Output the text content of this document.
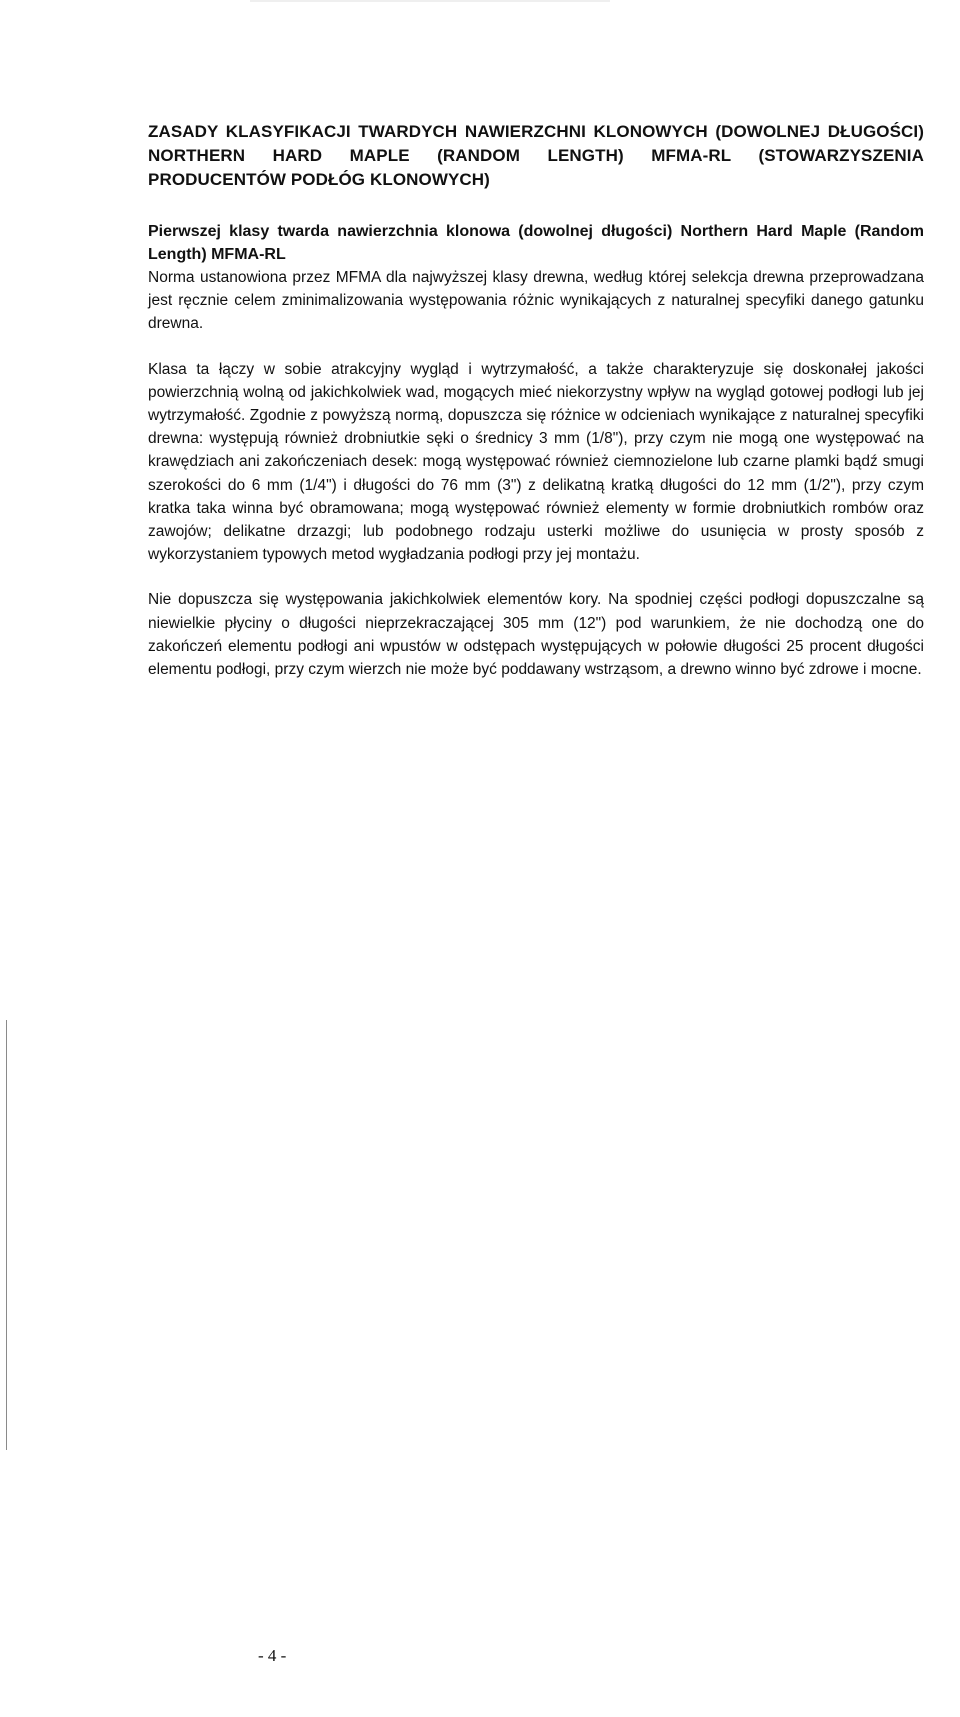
ZASADY KLASYFIKACJI TWARDYCH NAWIERZCHNI KLONOWYCH (DOWOLNEJ DŁUGOŚCI) NORTHERN HARD MAPLE (RANDOM LENGTH) MFMA-RL (STOWARZYSZENIA PRODUCENTÓW PODŁÓG KLONOWYCH)
Pierwszej klasy twarda nawierzchnia klonowa (dowolnej długości) Northern Hard Maple (Random Length) MFMA-RL

Norma ustanowiona przez MFMA dla najwyższej klasy drewna, według której selekcja drewna przeprowadzana jest ręcznie celem zminimalizowania występowania różnic wynikających z naturalnej specyfiki danego gatunku drewna.

Klasa ta łączy w sobie atrakcyjny wygląd i wytrzymałość, a także charakteryzuje się doskonałej jakości powierzchnią wolną od jakichkolwiek wad, mogących mieć niekorzystny wpływ na wygląd gotowej podłogi lub jej wytrzymałość. Zgodnie z powyższą normą, dopuszcza się różnice w odcieniach wynikające z naturalnej specyfiki drewna: występują również drobniutkie sęki o średnicy 3 mm (1/8"), przy czym nie mogą one występować na krawędziach ani zakończeniach desek: mogą występować również ciemnozielone lub czarne plamki bądź smugi szerokości do 6 mm (1/4") i długości do 76 mm (3") z delikatną kratką długości do 12 mm (1/2"), przy czym kratka taka winna być obramowana; mogą występować również elementy w formie drobniutkich rombów oraz zawojów; delikatne drzazgi; lub podobnego rodzaju usterki możliwe do usunięcia w prosty sposób z wykorzystaniem typowych metod wygładzania podłogi przy jej montażu.

Nie dopuszcza się występowania jakichkolwiek elementów kory. Na spodniej części podłogi dopuszczalne są niewielkie płyciny o długości nieprzekraczającej 305 mm (12") pod warunkiem, że nie dochodzą one do zakończeń elementu podłogi ani wpustów w odstępach występujących w połowie długości 25 procent długości elementu podłogi, przy czym wierzch nie może być poddawany wstrząsom, a drewno winno być zdrowe i mocne.

- 4 -
